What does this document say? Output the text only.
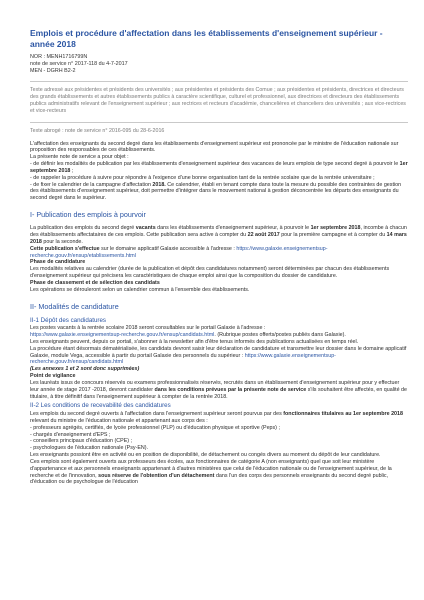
Emplois et procédure d'affectation dans les établissements d'enseignement supérieur - année 2018
NOR : MENH1716799N
note de service n° 2017-118 du 4-7-2017
MEN - DGRH B2-2
Texte adressé aux présidentes et présidents des universités ; aux présidentes et présidents des Comue ; aux présidentes et présidents, directrices et directeurs des grands établissements et autres établissements publics à caractère scientifique, culturel et professionnel, aux directrices et directeurs des établissements publics administratifs relevant de l'enseignement supérieur ; aux rectrices et recteurs d'académie, chancelières et chanceliers des universités ; aux vice-rectrices et vice-recteurs
Texte abrogé : note de service n° 2016-095 du 28-6-2016

L'affectation des enseignants du second degré dans les établissements d'enseignement supérieur est prononcée par le ministre de l'éducation nationale sur proposition des responsables de ces établissements.

La présente note de service a pour objet :

- de définir les modalités de publication par les établissements d'enseignement supérieur des vacances de leurs emplois de type second degré à pourvoir le 1er septembre 2018 ;

- de rappeler la procédure à suivre pour répondre à l'exigence d'une bonne organisation tant de la rentrée scolaire que de la rentrée universitaire ;

- de fixer le calendrier de la campagne d'affectation 2018. Ce calendrier, établi en tenant compte dans toute la mesure du possible des contraintes de gestion des établissements d'enseignement supérieur, doit permettre d'intégrer dans le mouvement national à gestion déconcentrée les départs des enseignants du second degré dans le supérieur.

I- Publication des emplois à pourvoir

La publication des emplois du second degré vacants dans les établissements d'enseignement supérieur, à pourvoir le 1er septembre 2018, incombe à chacun des établissements affectataires de ces emplois. Cette publication sera active à compter du 22 août 2017 pour la première campagne et à compter du 14 mars 2018 pour la seconde.

Cette publication s'effectue sur le domaine applicatif Galaxie accessible à l'adresse : https://www.galaxie.enseignementsup-recherche.gouv.fr/ensup/etablissements.html

Phase de candidature

Les modalités relatives au calendrier (durée de la publication et dépôt des candidatures notamment) seront déterminées par chacun des établissements d'enseignement supérieur qui précisera les caractéristiques de chaque emploi ainsi que la composition du dossier de candidature.

Phase de classement et de sélection des candidats

Les opérations se dérouleront selon un calendrier commun à l'ensemble des établissements.

II- Modalités de candidature
II-1 Dépôt des candidatures

Les postes vacants à la rentrée scolaire 2018 seront consultables sur le portail Galaxie à l'adresse :

https://www.galaxie.enseignementsup-recherche.gouv.fr/ensup/candidats.html. (Rubrique postes offerts/postes publiés dans Galaxie).

Les enseignants peuvent, depuis ce portail, s'abonner à la newsletter afin d'être tenus informés des publications actualisées en temps réel.

La procédure étant désormais dématérialisée, les candidats devront saisir leur déclaration de candidature et transmettre leur dossier dans le domaine applicatif Galaxie, module Vega, accessible à partir du portail Galaxie des personnels du supérieur : https://www.galaxie.enseignementsup-recherche.gouv.fr/ensup/candidats.html

(Les annexes 1 et 2 sont donc supprimées)

Point de vigilance

Les lauréats issus de concours réservés ou examens professionnalisés réservés, recrutés dans un établissement d'enseignement supérieur pour y effectuer leur année de stage 2017 -2018, devront candidater dans les conditions prévues par la présente note de service s'ils souhaitent être affectés, en qualité de titulaire, à titre définitif dans l'enseignement supérieur à compter de la rentrée 2018.

II-2 Les conditions de recevabilité des candidatures

Les emplois du second degré ouverts à l'affectation dans l'enseignement supérieur seront pourvus par des fonctionnaires titulaires au 1er septembre 2018 relevant du ministre de l'éducation nationale et appartenant aux corps des :

- professeurs agrégés, certifiés, de lycée professionnel (PLP) ou d'éducation physique et sportive (Peps) ;

- chargés d'enseignement d'EPS ;

- conseillers principaux d'éducation (CPE) ;

- psychologues de l'éducation nationale (Psy-EN).

Les enseignants possiont être en activité ou en position de disponibilité, de détachement ou congés divers au moment du dépôt de leur candidature.

Ces emplois sont également ouverts aux professeurs des écoles, aux fonctionnaires de catégorie A (non enseignants) quel que soit leur ministère d'appartenance et aux personnels enseignants appartenant à d'autres ministères que celui de l'éducation nationale ou de l'enseignement supérieur, de la recherche et de l'innovation, sous réserve de l'obtention d'un détachement dans l'un des corps des personnels enseignants du second degré public, d'éducation ou de psychologue de l'éducation
